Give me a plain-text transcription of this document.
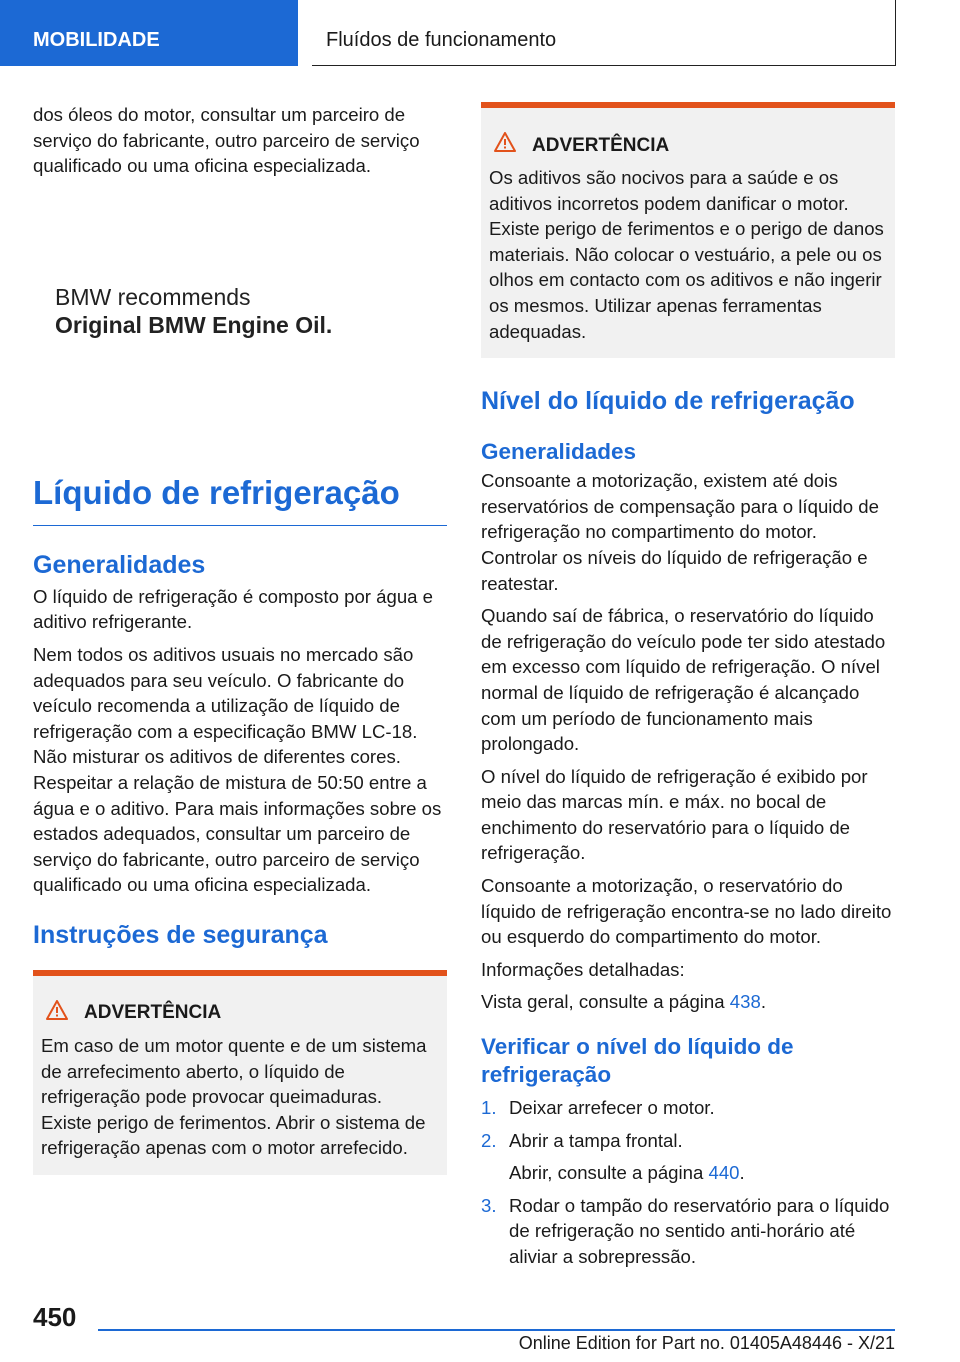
MOBILIDADE	Fluídos de funcionamento

dos óleos do motor, consultar um parceiro de serviço do fabricante, outro parceiro de serviço qualificado ou uma oficina especializada.

BMW recommends
Original BMW Engine Oil.
Líquido de refrigeração
Generalidades

O líquido de refrigeração é composto por água e aditivo refrigerante.

Nem todos os aditivos usuais no mercado são adequados para seu veículo. O fabricante do veículo recomenda a utilização de líquido de refrigeração com a especificação BMW LC-18. Não misturar os aditivos de diferentes cores. Respeitar a relação de mistura de 50:50 entre a água e o aditivo. Para mais informações sobre os estados adequados, consultar um parceiro de serviço do fabricante, outro parceiro de serviço qualificado ou uma oficina especializada.

Instruções de segurança
ADVERTÊNCIA

Em caso de um motor quente e de um sistema de arrefecimento aberto, o líquido de refrigeração pode provocar queimaduras. Existe perigo de ferimentos. Abrir o sistema de refrigeração apenas com o motor arrefecido.

ADVERTÊNCIA

Os aditivos são nocivos para a saúde e os aditivos incorretos podem danificar o motor. Existe perigo de ferimentos e o perigo de danos materiais. Não colocar o vestuário, a pele ou os olhos em contacto com os aditivos e não ingerir os mesmos. Utilizar apenas ferramentas adequadas.

Nível do líquido de refrigeração
Generalidades

Consoante a motorização, existem até dois reservatórios de compensação para o líquido de refrigeração no compartimento do motor. Controlar os níveis do líquido de refrigeração e reatestar.

Quando saí de fábrica, o reservatório do líquido de refrigeração do veículo pode ter sido atestado em excesso com líquido de refrigeração. O nível normal de líquido de refrigeração é alcançado com um período de funcionamento mais prolongado.

O nível do líquido de refrigeração é exibido por meio das marcas mín. e máx. no bocal de enchimento do reservatório para o líquido de refrigeração.

Consoante a motorização, o reservatório do líquido de refrigeração encontra-se no lado direito ou esquerdo do compartimento do motor.

Informações detalhadas:

Vista geral, consulte a página 438.

Verificar o nível do líquido de refrigeração
1. Deixar arrefecer o motor.
2. Abrir a tampa frontal.
Abrir, consulte a página 440.
3. Rodar o tampão do reservatório para o líquido de refrigeração no sentido anti-horário até aliviar a sobrepressão.
450
Online Edition for Part no. 01405A48446 - X/21
